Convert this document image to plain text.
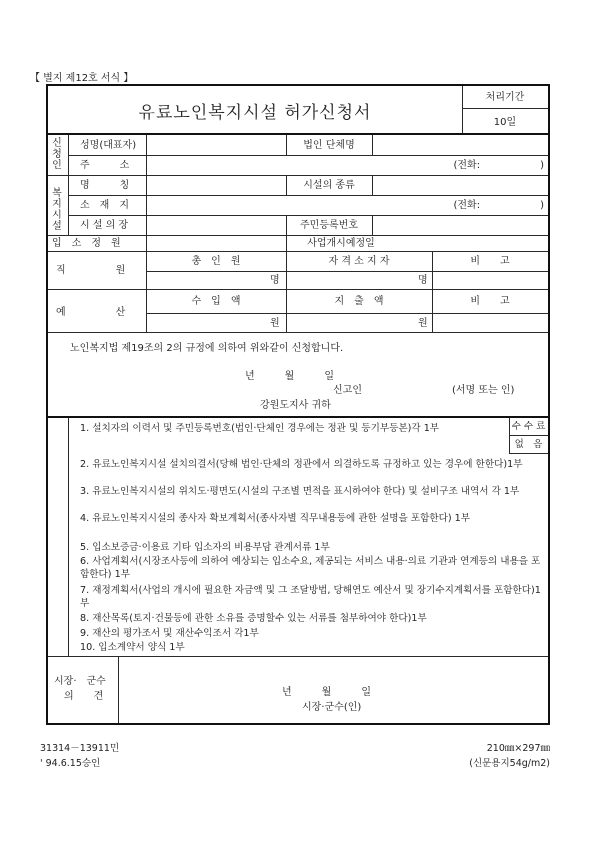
【 별지 제12호 서식 】
유료노인복지시설 허가신청서
처리기간
10일
신청인
복지시설
성명(대표자)	법인 단체명
주　　　소	(전화:　　　　　　)
명　　　칭	시설의 종류
소　재　지	(전화:　　　　　　)
시 설 의 장	주민등록번호
입　소　정　원	사업개시예정일
직　　　　　원
총　인　원	자 격 소 지 자	비　　고
명	명
예　　　　　산
수　입　액	지　출　액	비　　고
원	원
노인복지법 제19조의 2의 규정에 의하여 위와같이 신청합니다.
년　　　월　　　일
신고인	(서명 또는 인)
강원도지사 귀하
수 수 료
없　음
1. 설치자의 이력서 및 주민등록번호(법인·단체인 경우에는 정관 및 등기부등본)각 1부
2. 유료노인복지시설 설치의결서(당해 법인·단체의 정관에서 의결하도록 규정하고 있는 경우에 한한다)1부
3. 유료노인복지시설의 위치도·평면도(시설의 구조별 면적을 표시하여야 한다) 및 설비구조 내역서 각 1부
4. 유료노인복지시설의 종사자 확보계획서(종사자별 직무내용등에 관한 설명을 포함한다) 1부
5. 입소보증금·이용료 기타 입소자의 비용부담 관계서류 1부
6. 사업계획서(시장조사등에 의하여 예상되는 입소수요, 제공되는 서비스 내용·의료 기관과 연계등의 내용을 포함한다) 1부
7. 재정계획서(사업의 개시에 필요한 자금액 및 그 조달방법, 당해연도 예산서 및 장기수지계획서를 포함한다)1부
8. 재산목록(토지·건물등에 관한 소유를 증명할수 있는 서류를 첨부하여야 한다)1부
9. 재산의 평가조서 및 재산수익조서 각1부
10. 입소계약서 양식 1부
시장·　군수
의　　견	년　　　월　　　일
시장·군수(인)
31314－13911민
' 94.6.15승인
210㎜×297㎜
(신문용지54g/m2)
